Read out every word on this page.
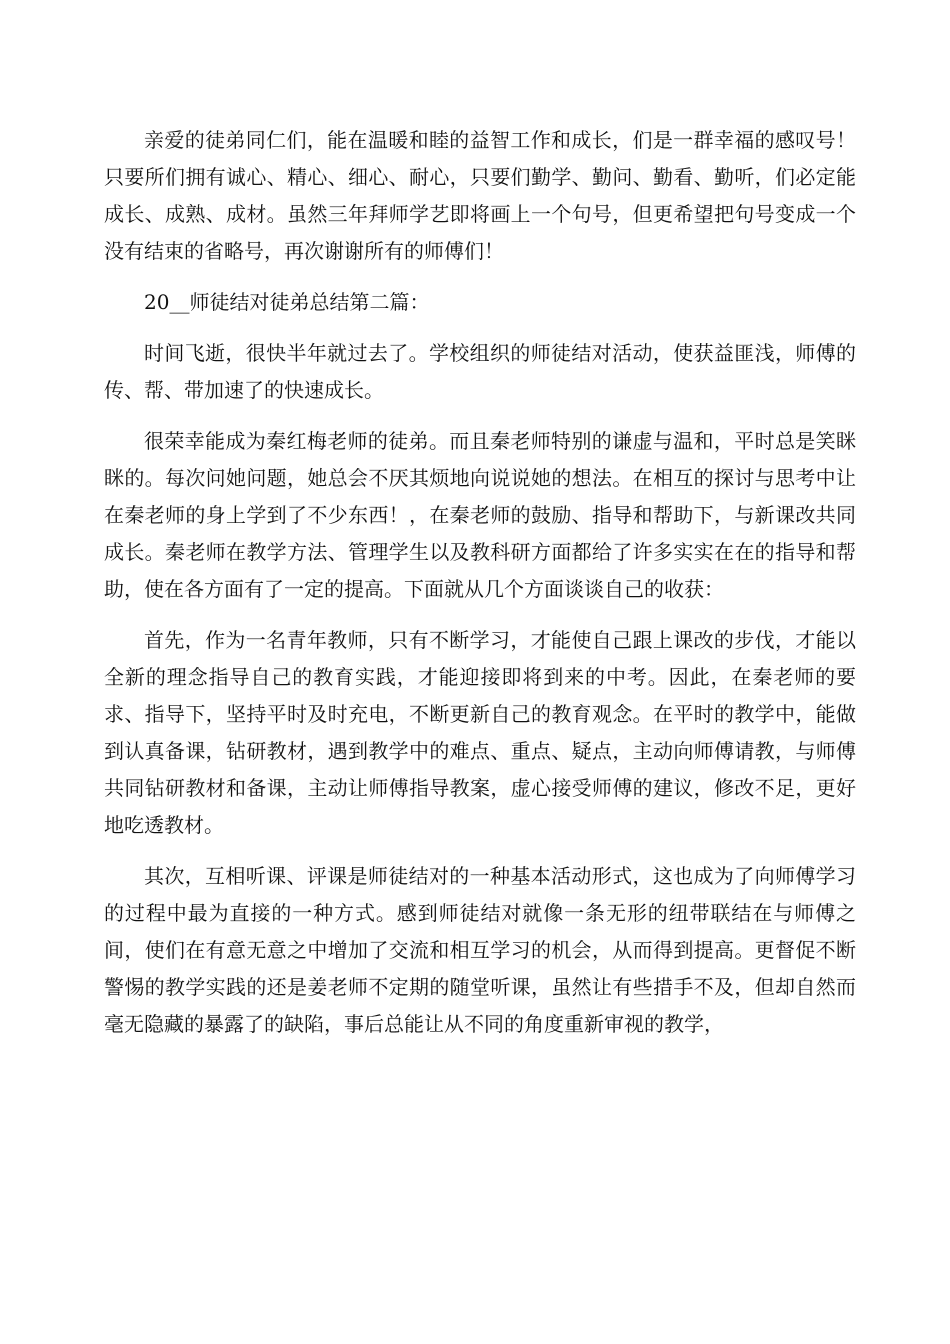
亲爱的徒弟同仁们，能在温暖和睦的益智工作和成长，们是一群幸福的感叹号！只要所们拥有诚心、精心、细心、耐心，只要们勤学、勤问、勤看、勤听，们必定能成长、成熟、成材。虽然三年拜师学艺即将画上一个句号，但更希望把句号变成一个没有结束的省略号，再次谢谢所有的师傅们！

20__师徒结对徒弟总结第二篇：

时间飞逝，很快半年就过去了。学校组织的师徒结对活动，使获益匪浅，师傅的传、帮、带加速了的快速成长。

很荣幸能成为秦红梅老师的徒弟。而且秦老师特别的谦虚与温和，平时总是笑眯眯的。每次问她问题，她总会不厌其烦地向说说她的想法。在相互的探讨与思考中让在秦老师的身上学到了不少东西！，在秦老师的鼓励、指导和帮助下，与新课改共同成长。秦老师在教学方法、管理学生以及教科研方面都给了许多实实在在的指导和帮助，使在各方面有了一定的提高。下面就从几个方面谈谈自己的收获：

首先，作为一名青年教师，只有不断学习，才能使自己跟上课改的步伐，才能以全新的理念指导自己的教育实践，才能迎接即将到来的中考。因此，在秦老师的要求、指导下，坚持平时及时充电，不断更新自己的教育观念。在平时的教学中，能做到认真备课，钻研教材，遇到教学中的难点、重点、疑点，主动向师傅请教，与师傅共同钻研教材和备课，主动让师傅指导教案，虚心接受师傅的建议，修改不足，更好地吃透教材。

其次，互相听课、评课是师徒结对的一种基本活动形式，这也成为了向师傅学习的过程中最为直接的一种方式。感到师徒结对就像一条无形的纽带联结在与师傅之间，使们在有意无意之中增加了交流和相互学习的机会，从而得到提高。更督促不断警惕的教学实践的还是姜老师不定期的随堂听课，虽然让有些措手不及，但却自然而毫无隐藏的暴露了的缺陷，事后总能让从不同的角度重新审视的教学，
